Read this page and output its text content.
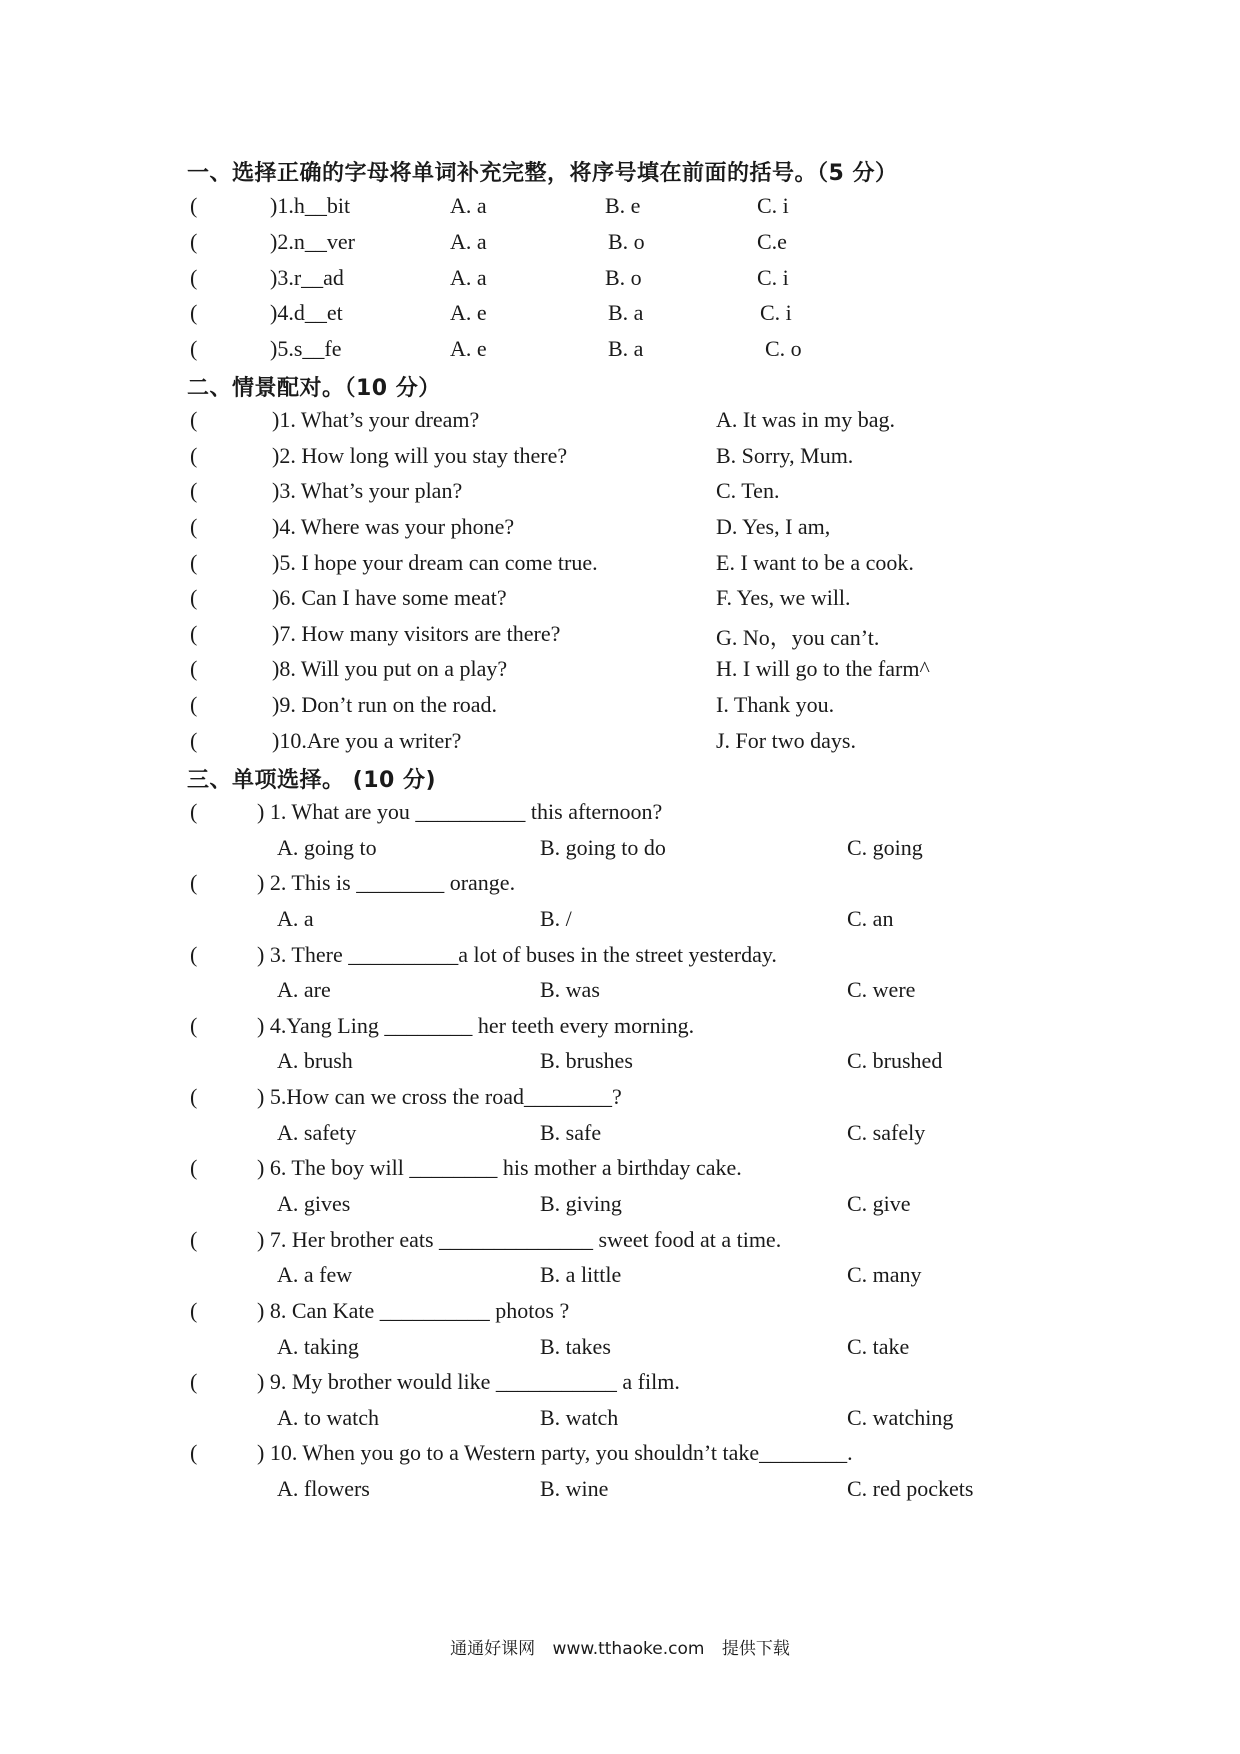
一、选择正确的字母将单词补充完整，将序号填在前面的括号。（5 分）
(	)1.h__bit	A. a	B. e	C. i
(	)2.n__ver	A. a	B. o	C.e
(	)3.r__ad	A. a	B. o	C. i
(	)4.d__et	A. e	B. a	C. i
(	)5.s__fe	A. e	B. a	C. o
二、情景配对。（10 分）
(	)1. What’s your dream?	A. It was in my bag.
(	)2. How long will you stay there?	B. Sorry, Mum.
(	)3. What’s your plan?	C. Ten.
(	)4. Where was your phone?	D. Yes, I am,
(	)5. I hope your dream can come true.	E. I want to be a cook.
(	)6. Can I have some meat?	F. Yes, we will.
(	)7. How many visitors are there?	G. No，you can’t.
(	)8. Will you put on a play?	H. I will go to the farm^
(	)9. Don’t run on the road.	I. Thank you.
(	)10.Are you a writer?	J. For two days.
三、单项选择。 (10 分)
(	) 1. What are you __________ this afternoon?
A. going to	B. going to do	C. going
(	) 2. This is ________ orange.
A. a	B. /	C. an
(	) 3. There __________a lot of buses in the street yesterday.
A. are	B. was	C. were
(	) 4.Yang Ling ________ her teeth every morning.
A. brush	B. brushes	C. brushed
(	) 5.How can we cross the road________?
A. safety	B. safe	C. safely
(	) 6. The boy will ________ his mother a birthday cake.
A. gives	B. giving	C. give
(	) 7. Her brother eats ______________ sweet food at a time.
A. a few	B. a little	C. many
(	) 8. Can Kate __________ photos ?
A. taking	B. takes	C. take
(	) 9. My brother would like ___________ a film.
A. to watch	B. watch	C. watching
(	) 10. When you go to a Western party, you shouldn’t take________.
A. flowers	B. wine	C. red pockets
通通好课网 www.tthaoke.com 提供下载
